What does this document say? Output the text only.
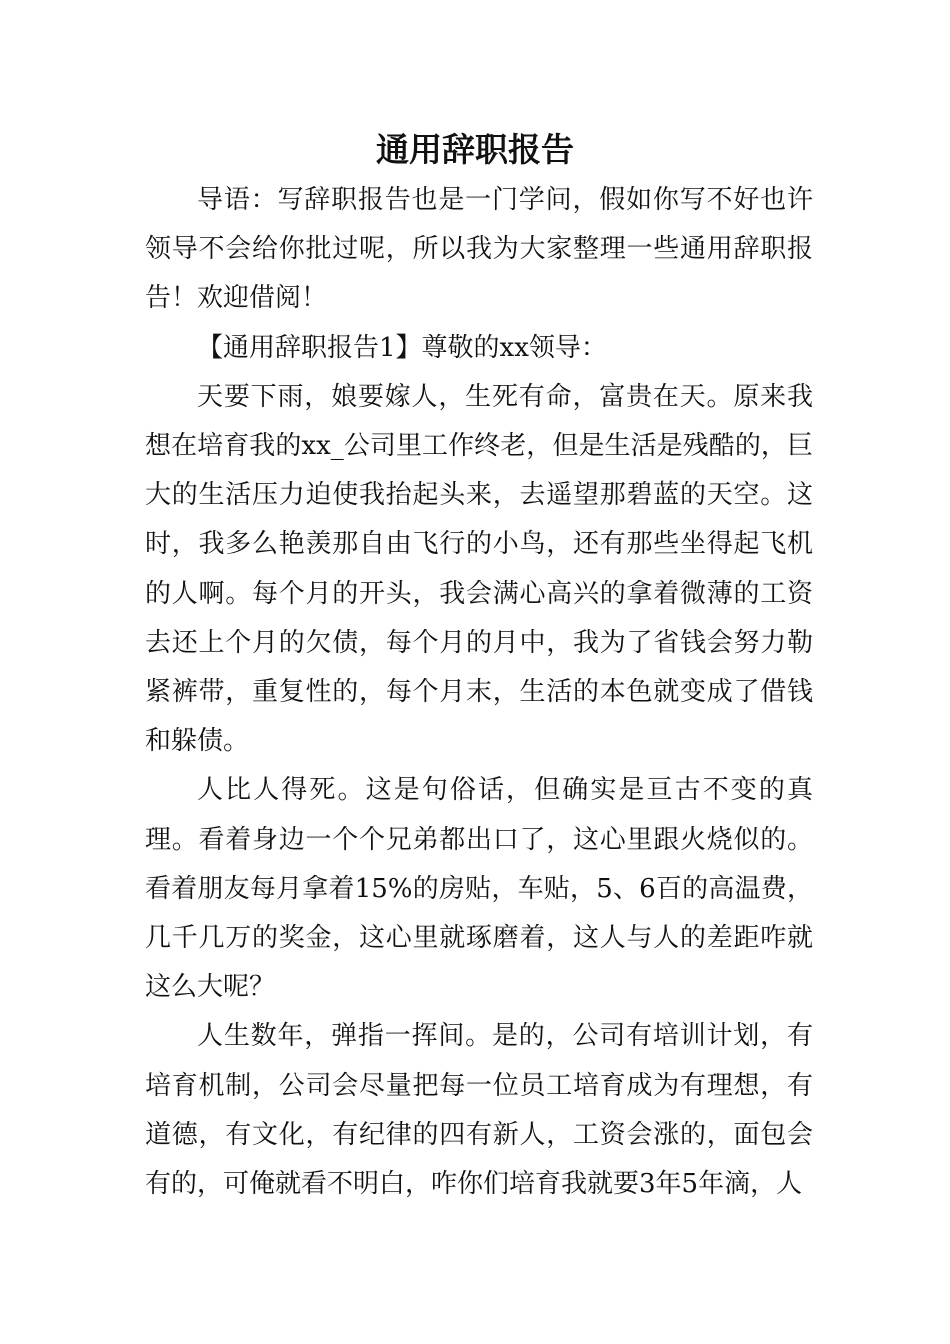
通用辞职报告

导语：写辞职报告也是一门学问，假如你写不好也许领导不会给你批过呢，所以我为大家整理一些通用辞职报告！欢迎借阅！

【通用辞职报告1】尊敬的xx领导：

天要下雨，娘要嫁人，生死有命，富贵在天。原来我想在培育我的xx_公司里工作终老，但是生活是残酷的，巨大的生活压力迫使我抬起头来，去遥望那碧蓝的天空。这时，我多么艳羡那自由飞行的小鸟，还有那些坐得起飞机的人啊。每个月的开头，我会满心高兴的拿着微薄的工资去还上个月的欠债，每个月的月中，我为了省钱会努力勒紧裤带，重复性的，每个月末，生活的本色就变成了借钱和躲债。

人比人得死。这是句俗话，但确实是亘古不变的真理。看着身边一个个兄弟都出口了，这心里跟火烧似的。看着朋友每月拿着15%的房贴，车贴，5、6百的高温费，几千几万的奖金，这心里就琢磨着，这人与人的差距咋就这么大呢？

人生数年，弹指一挥间。是的，公司有培训计划，有培育机制，公司会尽量把每一位员工培育成为有理想，有道德，有文化，有纪律的四有新人，工资会涨的，面包会有的，可俺就看不明白，咋你们培育我就要3年5年滴，人
